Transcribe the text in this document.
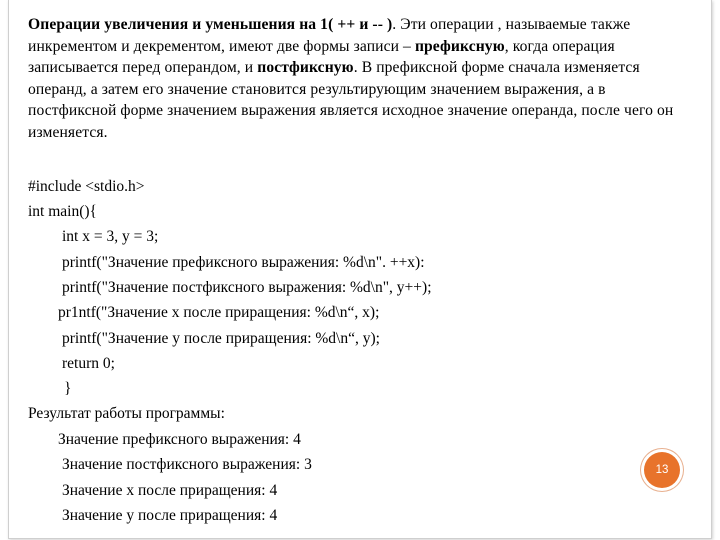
Операции увеличения и уменьшения на 1( ++ и -- ). Эти операции , называемые также инкрементом и декрементом, имеют две формы записи – префиксную, когда операция записывается перед операндом, и постфиксную. В префиксной форме сначала изменяется операнд, а затем его значение становится результирующим значением выражения, а в постфиксной форме значением выражения является исходное значение операнда, после чего он изменяется.
#include <stdio.h>
int main(){
int x = 3, y = 3;
printf("Значение префиксного выражения: %d\n". ++x):
printf("Значение постфиксного выражения: %d\n", y++);
pr1ntf("Значение x после приращения: %d\n“, x);
printf("Значение y после приращения: %d\n“, y);
return 0;
}
Результат работы программы:
Значение префиксного выражения: 4
Значение постфиксного выражения: 3
Значение x после приращения: 4
Значение y после приращения: 4
13
